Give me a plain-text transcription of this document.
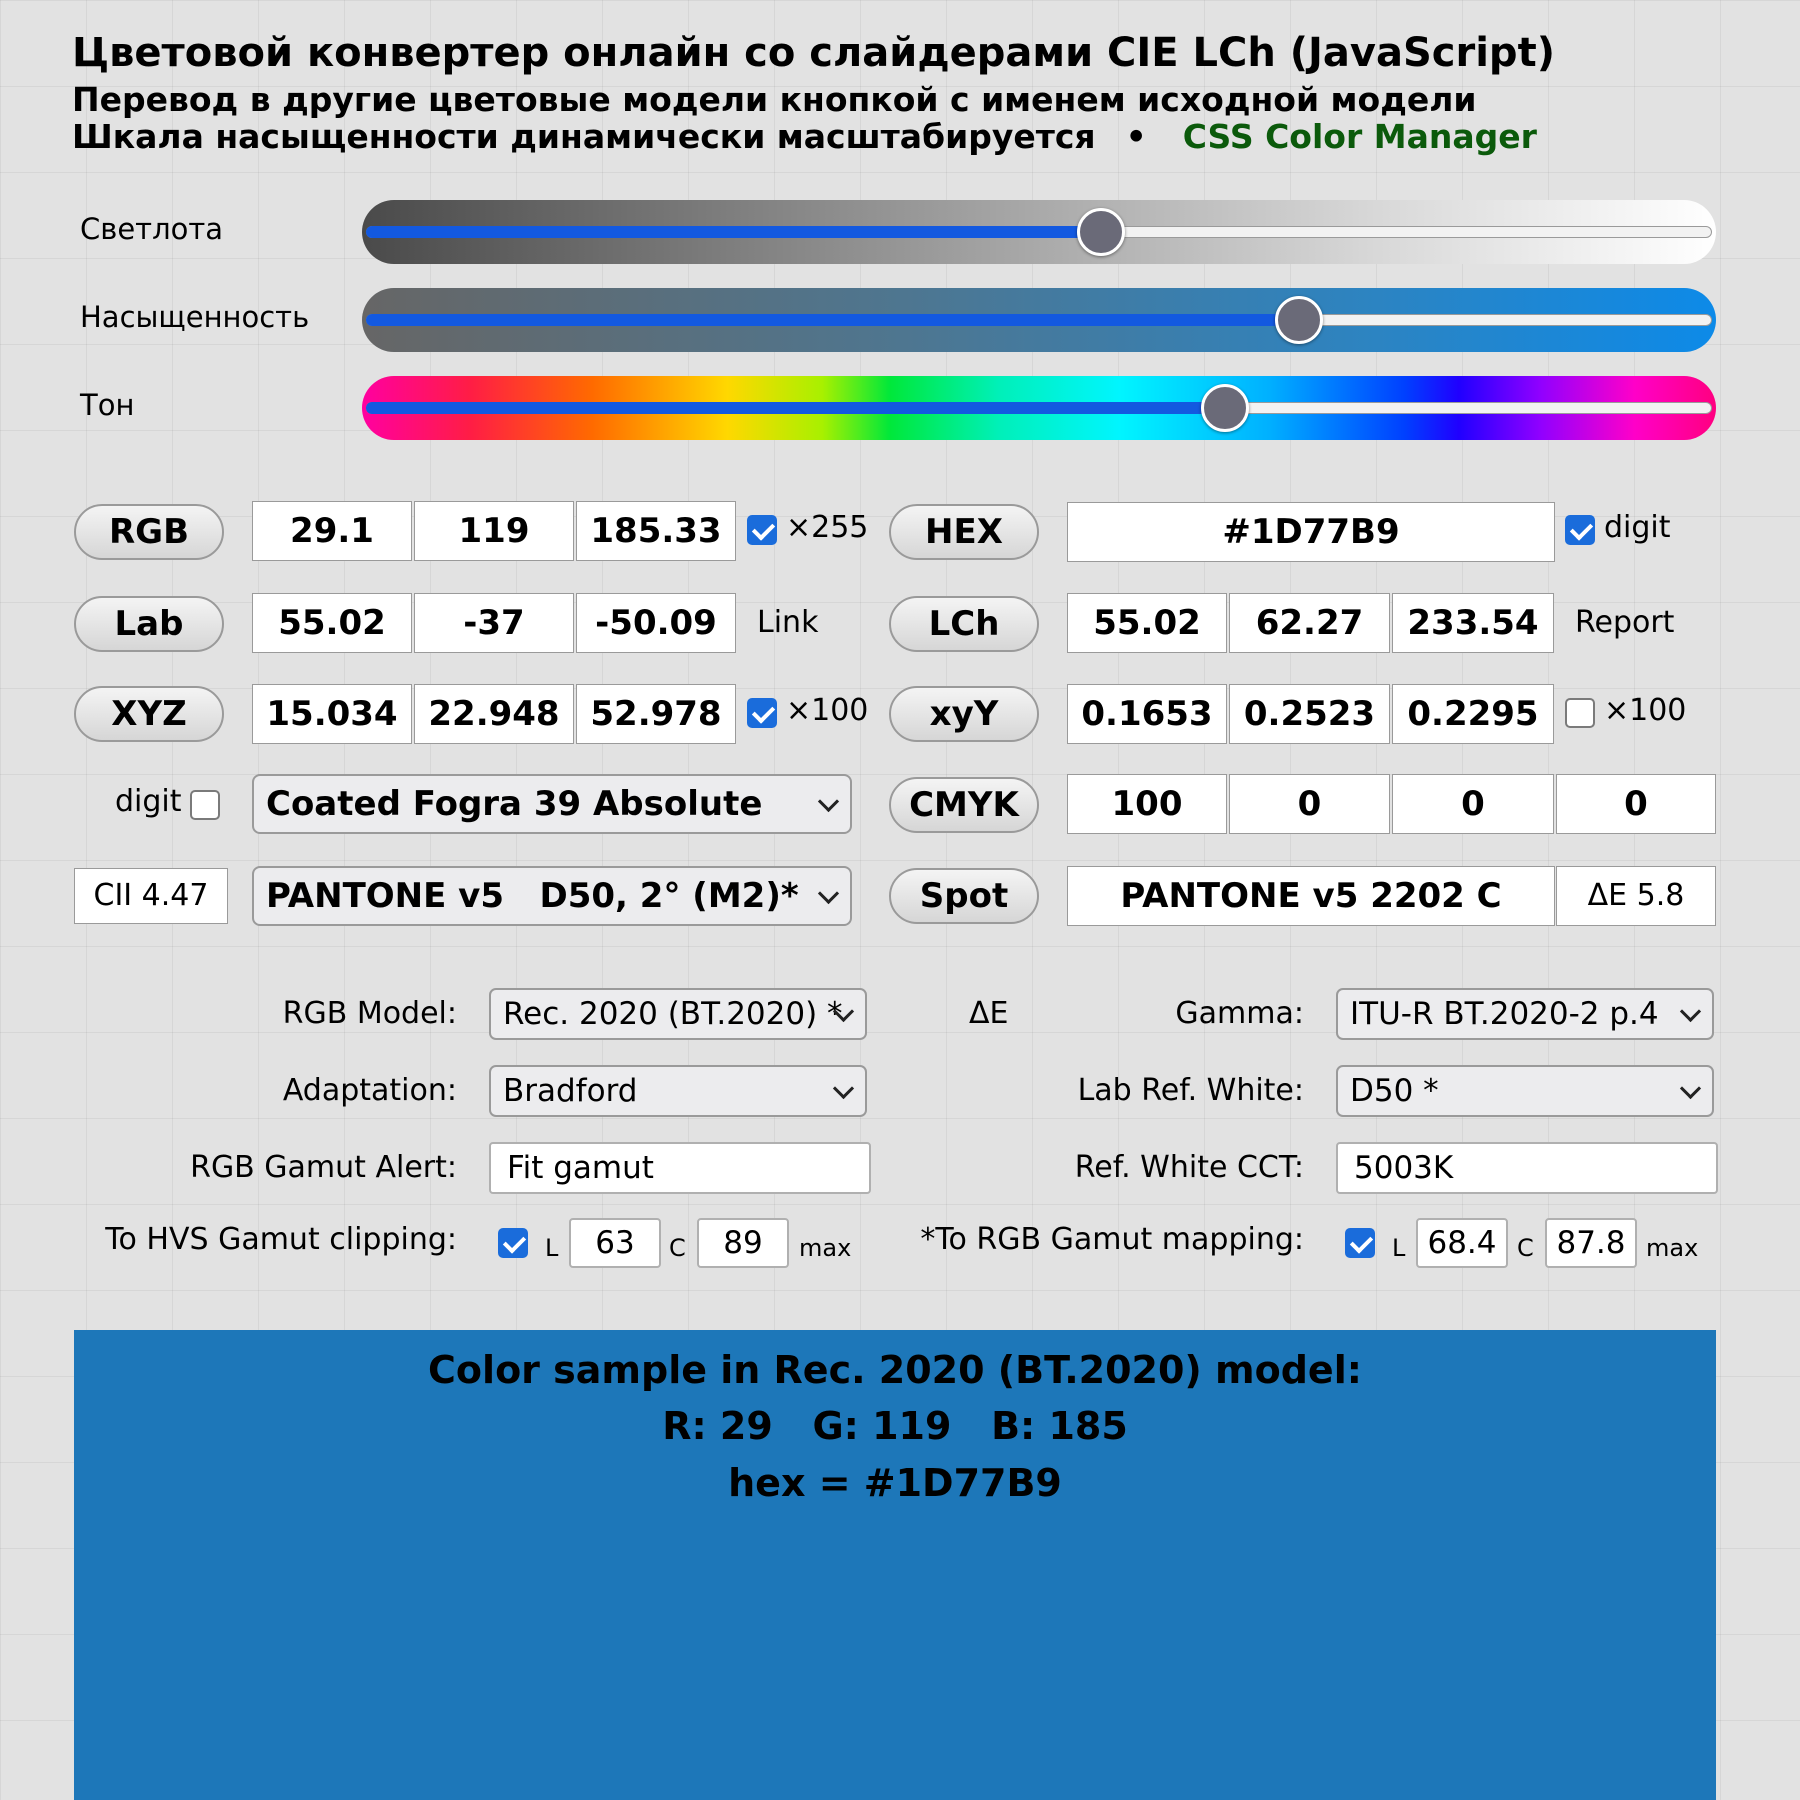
Цветовой конвертер онлайн со слайдерами CIE LCh (JavaScript)
Перевод в другие цветовые модели кнопкой с именем исходной модели
Шкала насыщенности динамически масштабируется • CSS Color Manager
Светлота
Насыщенность
Тон
RGB	29.1	119	185.33	×255	HEX	#1D77B9	digit
Lab	55.02	-37	-50.09	Link	LCh	55.02	62.27	233.54	Report
XYZ	15.034 22.948 52.978	×100	xyY	0.1653 0.2523 0.2295	×100
digit	Coated Fogra 39 Absolute	CMYK	100	0	0	0
CII 4.47	PANTONE v5   D50, 2° (M2)*	Spot	PANTONE v5 2202 C	ΔE 5.8
RGB Model:	Rec. 2020 (BT.2020) *	ΔE	Gamma:	ITU-R BT.2020-2 p.4
Adaptation:	Bradford	Lab Ref. White:	D50 *
RGB Gamut Alert:	Fit gamut	Ref. White CCT:	5003K
To HVS Gamut clipping:	L	63	C	89	max *To RGB Gamut mapping:	L 68.4 C 87.8 max
Color sample in Rec. 2020 (BT.2020) model:
R: 29   G: 119   B: 185
hex = #1D77B9
